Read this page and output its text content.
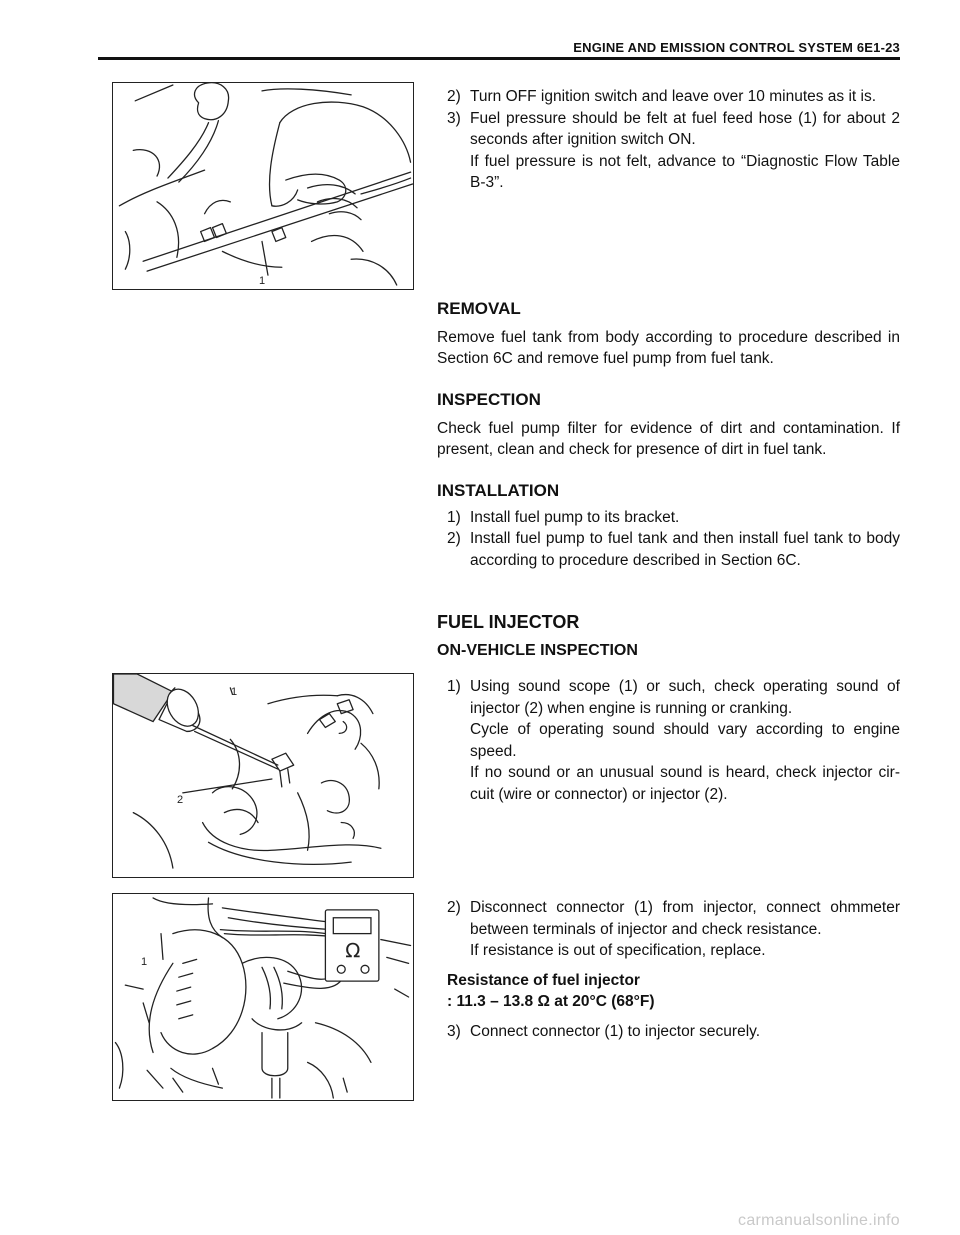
ENGINE AND EMISSION CONTROL SYSTEM 6E1-23
1
1
2
Ω
1
2) Turn OFF ignition switch and leave over 10 minutes as it is.
3) Fuel pressure should be felt at fuel feed hose (1) for about 2 seconds after ignition switch ON.
If fuel pressure is not felt, advance to “Diagnostic Flow Table B-3”.

REMOVAL

Remove fuel tank from body according to procedure described in Section 6C and remove fuel pump from fuel tank.

INSPECTION

Check fuel pump filter for evidence of dirt and contamination. If present, clean and check for presence of dirt in fuel tank.

INSTALLATION

1) Install fuel pump to its bracket.
2) Install fuel pump to fuel tank and then install fuel tank to body according to procedure described in Section 6C.

FUEL INJECTOR

ON-VEHICLE INSPECTION

1) Using sound scope (1) or such, check operating sound of injector (2) when engine is running or cranking.
Cycle of operating sound should vary according to engine speed.
If no sound or an unusual sound is heard, check injector cir-cuit (wire or connector) or injector (2).
2) Disconnect connector (1) from injector, connect ohmmeter between terminals of injector and check resistance.
If resistance is out of specification, replace.

Resistance of fuel injector

: 11.3 – 13.8 Ω at 20°C (68°F)

3) Connect connector (1) to injector securely.
carmanualsonline.info
